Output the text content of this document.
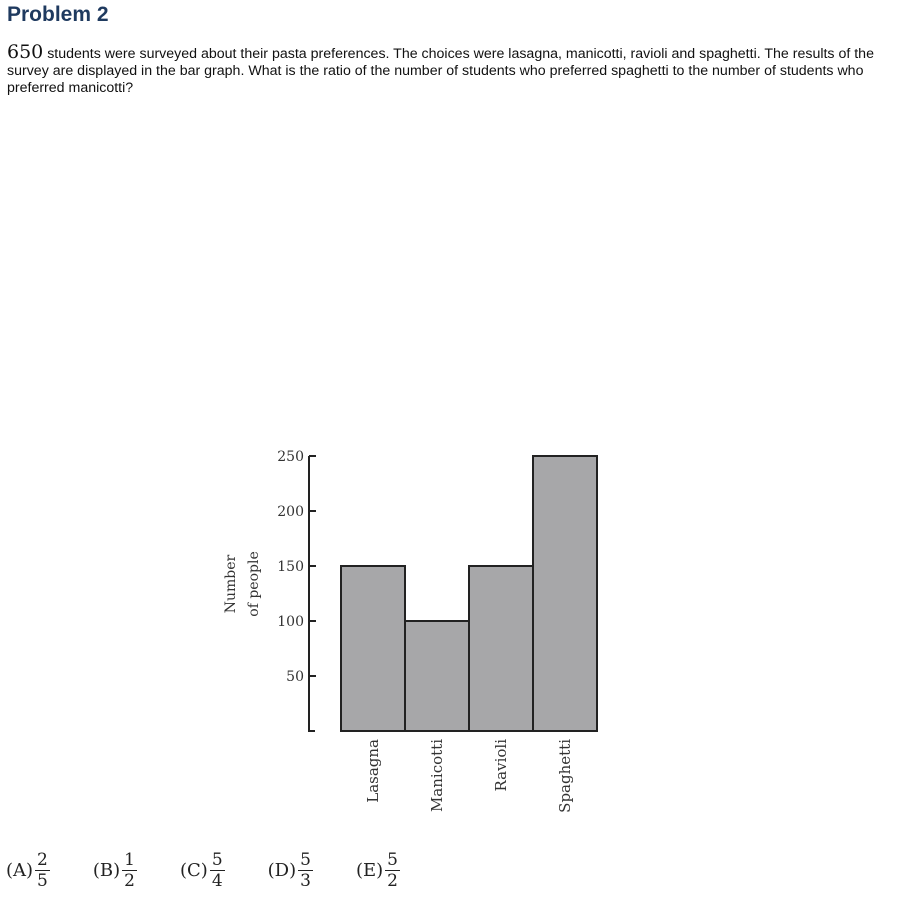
Problem 2

650 students were surveyed about their pasta preferences. The choices were lasagna, manicotti, ravioli and spaghetti. The results of the survey are displayed in the bar graph. What is the ratio of the number of students who preferred spaghetti to the number of students who preferred manicotti?

50
100
150
200
250
Number of people
Lasagna	Manicotti	Ravioli	Spaghetti
$(A) \frac{2}{5} (B) \frac{1}{2} (C) \frac{5}{4} (D) \frac{5}{3} (E) \frac{5}{2}$
